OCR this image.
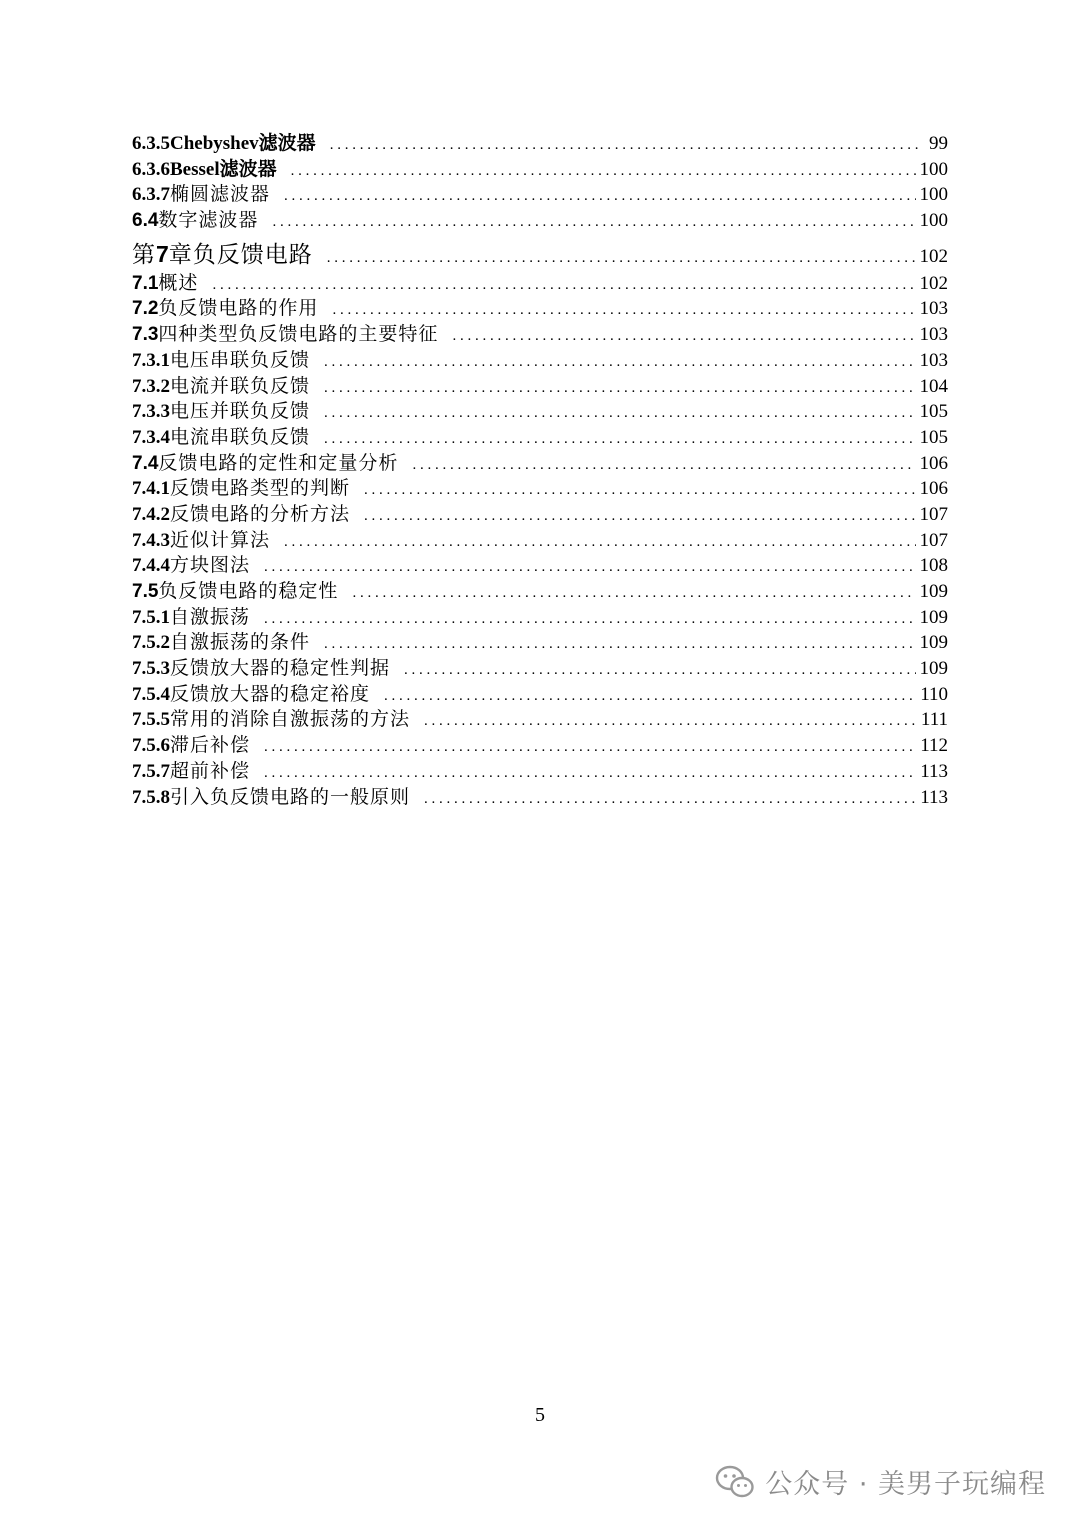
6.3.5 Chebyshev滤波器 . . .	99
6.3.6 Bessel滤波器 . . .	100
6.3.7 椭圆滤波器 . . .	100
6.4 数字滤波器 . . .	100
第 7 章负反馈电路 . . .	102
7.1 概述 . . .	102
7.2 负反馈电路的作用 . . .	103
7.3 四种类型负反馈电路的主要特征 . . .	103
7.3.1 电压串联负反馈 . . .	103
7.3.2 电流并联负反馈 . . .	104
7.3.3 电压并联负反馈 . . .	105
7.3.4 电流串联负反馈 . . .	105
7.4 反馈电路的定性和定量分析 . . .	106
7.4.1 反馈电路类型的判断 . . .	106
7.4.2 反馈电路的分析方法 . . .	107
7.4.3 近似计算法 . . .	107
7.4.4 方块图法 . . .	108
7.5 负反馈电路的稳定性 . . .	109
7.5.1 自激振荡 . . .	109
7.5.2 自激振荡的条件 . . .	109
7.5.3 反馈放大器的稳定性判据 . . .	109
7.5.4 反馈放大器的稳定裕度 . . .	110
7.5.5 常用的消除自激振荡的方法 . . .	111
7.5.6 滞后补偿 . . .	112
7.5.7 超前补偿 . . .	113
7.5.8 引入负反馈电路的一般原则 . . .	113
5
公众号 · 美男子玩编程
